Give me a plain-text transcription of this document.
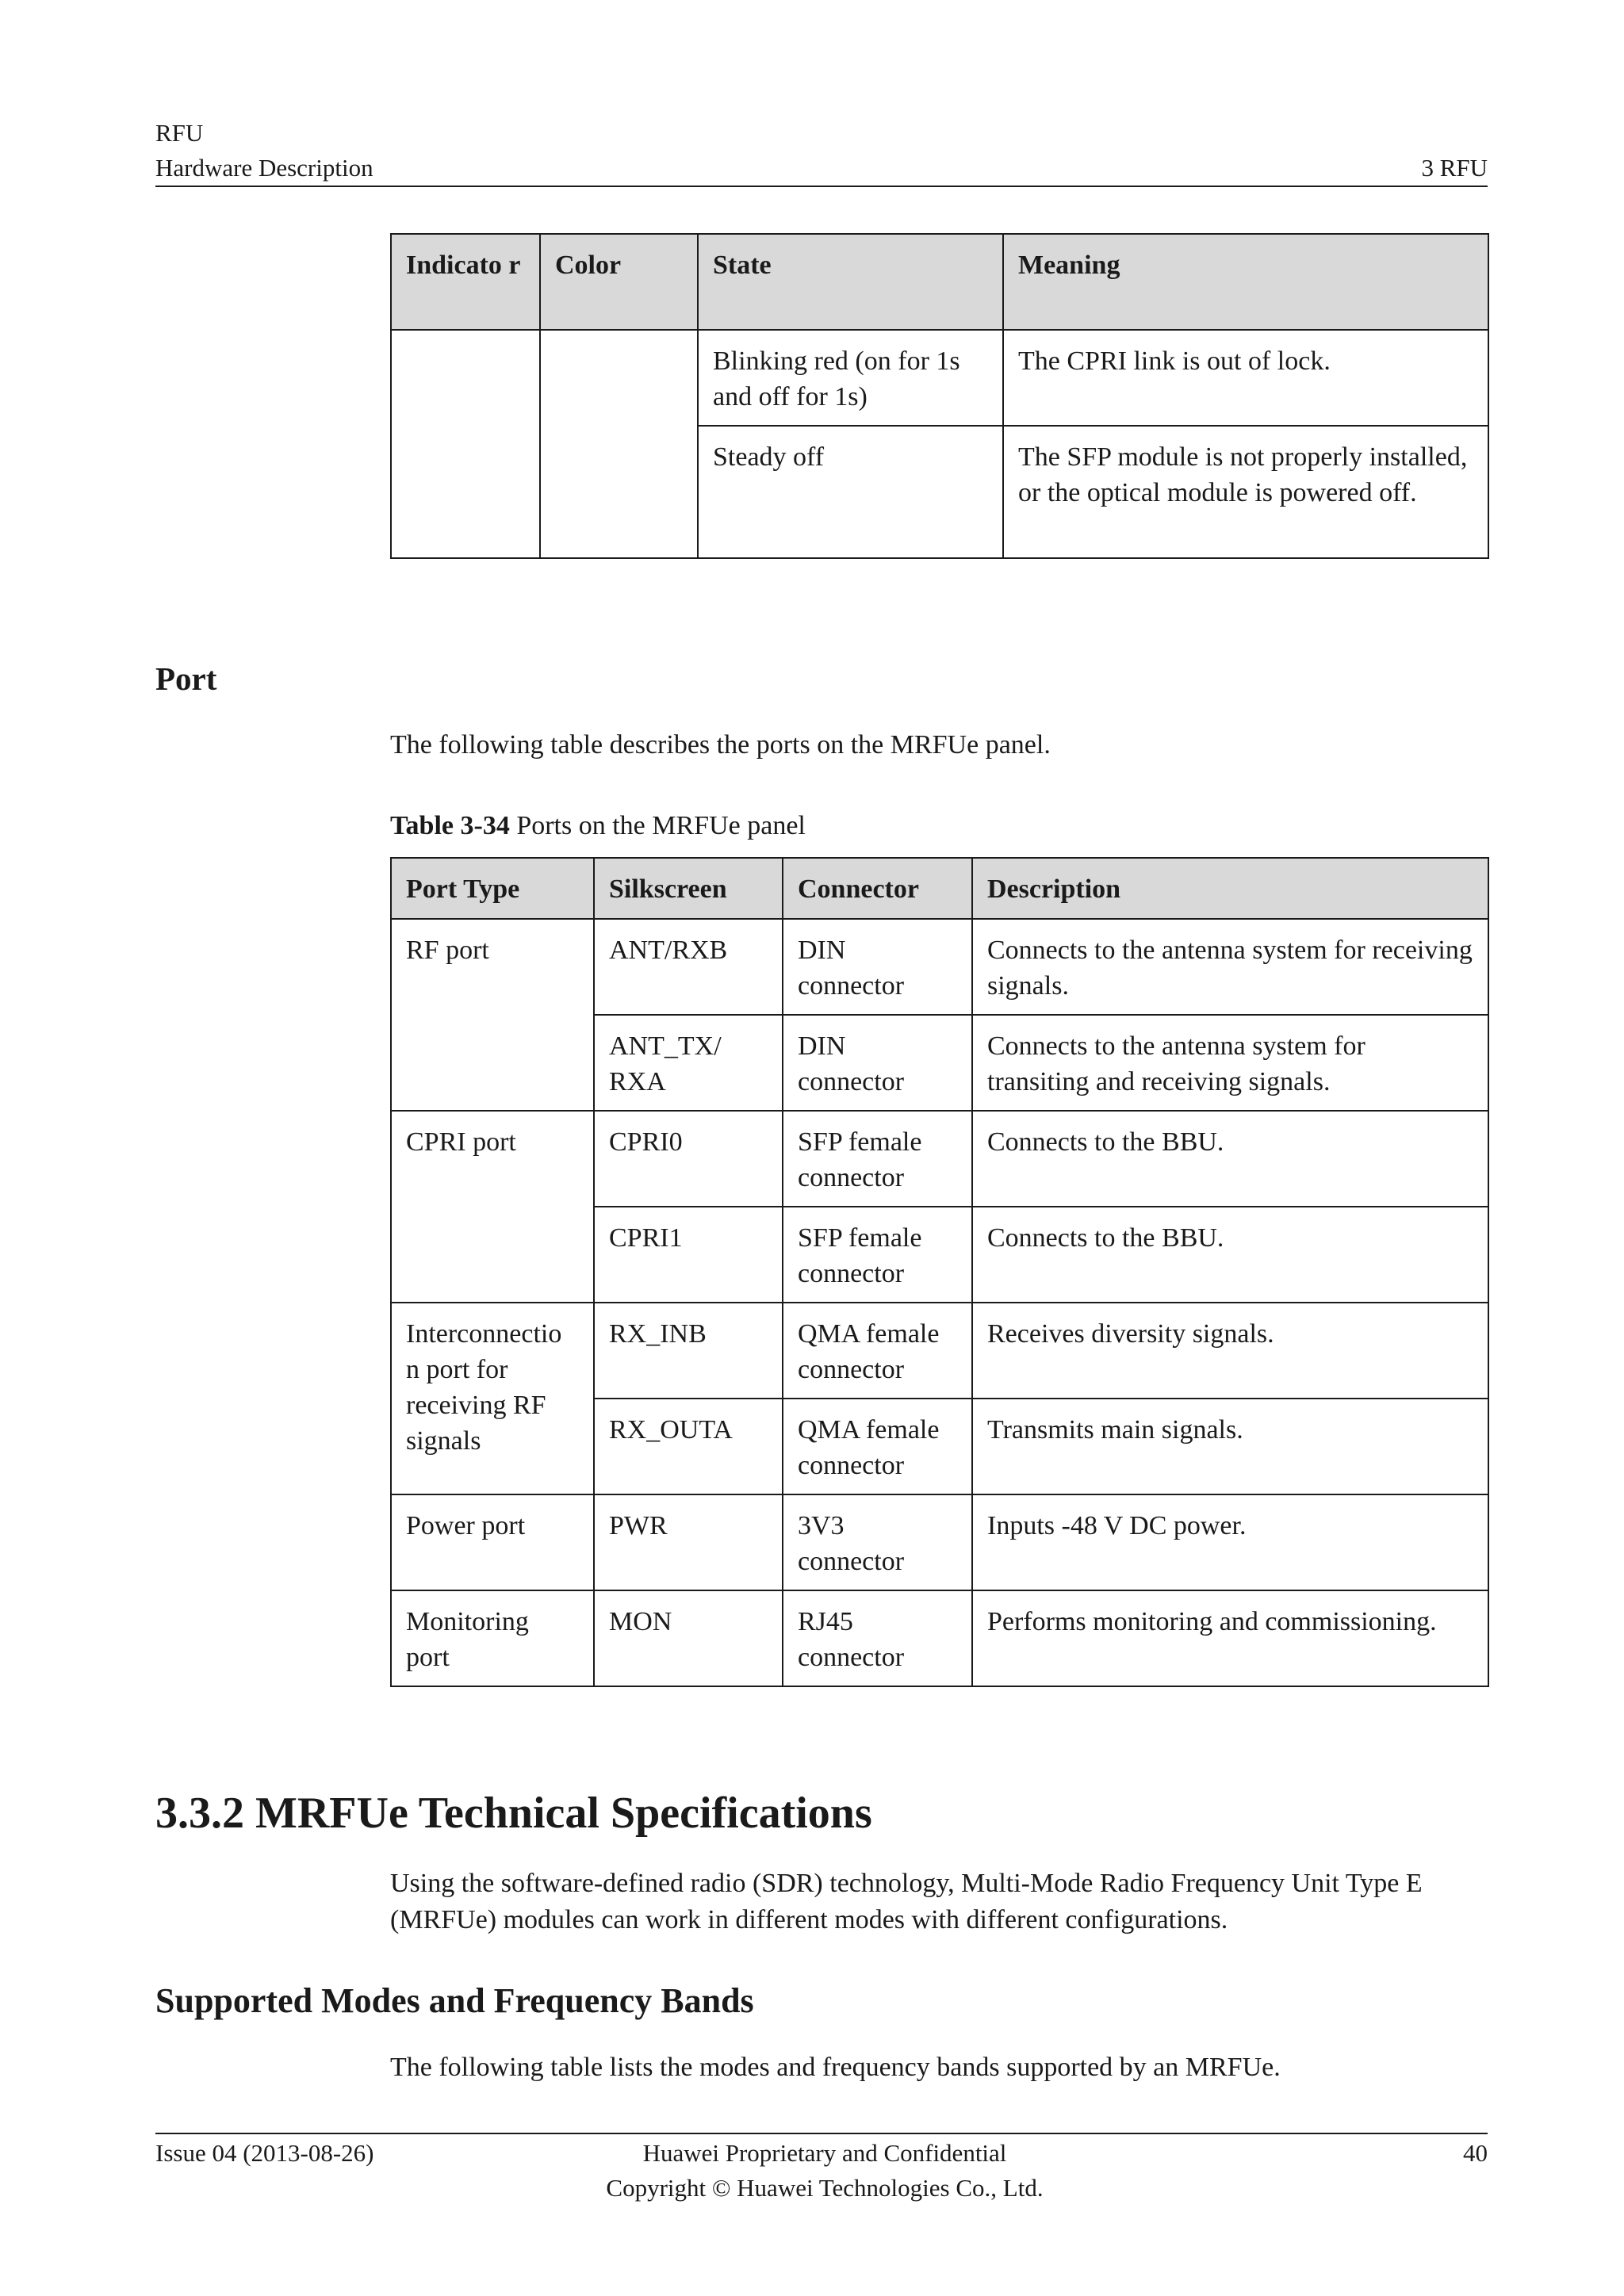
RFU
Hardware Description	3 RFU
Indicato r	Color	State	Meaning
		Blinking red (on for 1s and off for 1s)	The CPRI link is out of lock.
		Steady off	The SFP module is not properly installed, or the optical module is powered off.
Port
The following table describes the ports on the MRFUe panel.
Table 3-34 Ports on the MRFUe panel
Port Type	Silkscreen	Connector	Description
RF port	ANT/RXB	DIN connector	Connects to the antenna system for receiving signals.
	ANT_TX/ RXA	DIN connector	Connects to the antenna system for transiting and receiving signals.
CPRI port	CPRI0	SFP female connector	Connects to the BBU.
	CPRI1	SFP female connector	Connects to the BBU.
Interconnectio n port for receiving RF signals	RX_INB	QMA female connector	Receives diversity signals.
	RX_OUTA	QMA female connector	Transmits main signals.
Power port	PWR	3V3 connector	Inputs -48 V DC power.
Monitoring port	MON	RJ45 connector	Performs monitoring and commissioning.
3.3.2 MRFUe Technical Specifications
Using the software-defined radio (SDR) technology, Multi-Mode Radio Frequency Unit Type E (MRFUe) modules can work in different modes with different configurations.
Supported Modes and Frequency Bands
The following table lists the modes and frequency bands supported by an MRFUe.
Issue 04 (2013-08-26)	Huawei Proprietary and Confidential
Copyright © Huawei Technologies Co., Ltd.
40
